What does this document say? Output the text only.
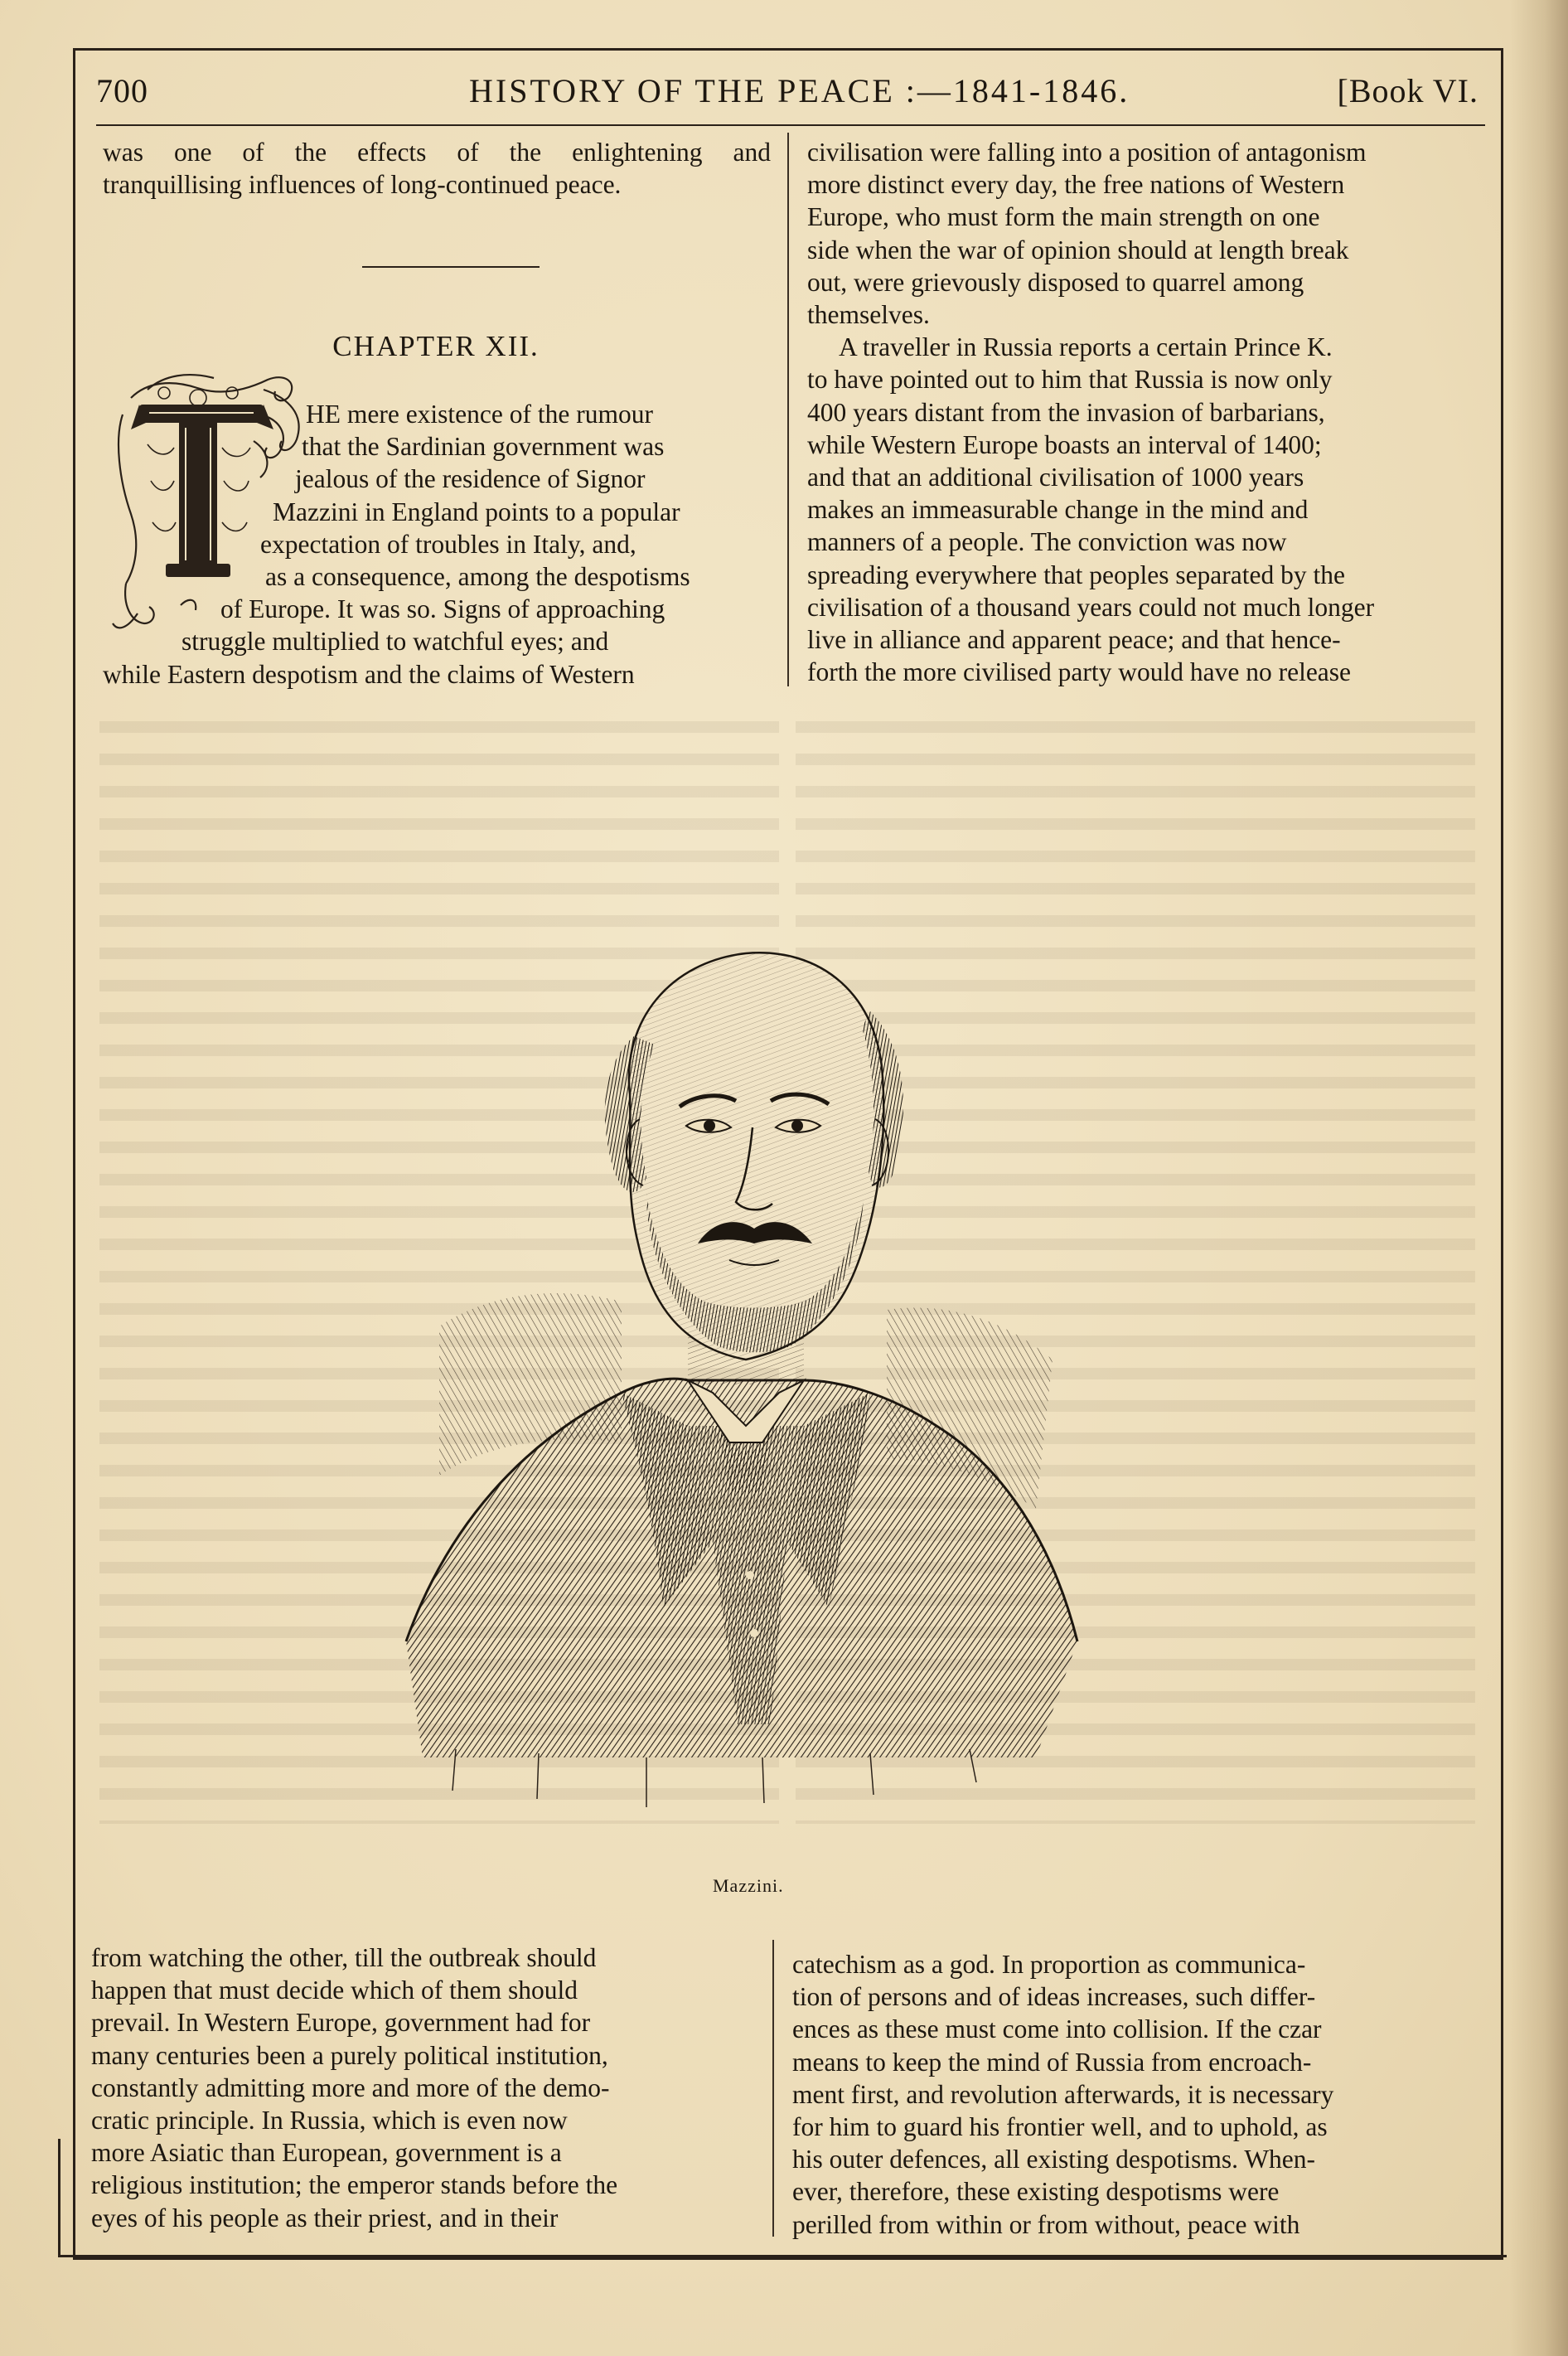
700	HISTORY OF THE PEACE :—1841-1846.	[Book VI.

was one of the effects of the enlightening and

tranquillising influences of long-continued peace.

CHAPTER XII.

HE mere existence of the rumour

that the Sardinian government was

jealous of the residence of Signor

Mazzini in England points to a popular

expectation of troubles in Italy, and,

as a consequence, among the despotisms

of Europe. It was so. Signs of approaching

struggle multiplied to watchful eyes; and

while Eastern despotism and the claims of Western

civilisation were falling into a position of antagonism

more distinct every day, the free nations of Western

Europe, who must form the main strength on one

side when the war of opinion should at length break

out, were grievously disposed to quarrel among

themselves.

A traveller in Russia reports a certain Prince K.

to have pointed out to him that Russia is now only

400 years distant from the invasion of barbarians,

while Western Europe boasts an interval of 1400;

and that an additional civilisation of 1000 years

makes an immeasurable change in the mind and

manners of a people. The conviction was now

spreading everywhere that peoples separated by the

civilisation of a thousand years could not much longer

live in alliance and apparent peace; and that hence-

forth the more civilised party would have no release

Mazzini.

from watching the other, till the outbreak should

happen that must decide which of them should

prevail. In Western Europe, government had for

many centuries been a purely political institution,

constantly admitting more and more of the demo-

cratic principle. In Russia, which is even now

more Asiatic than European, government is a

religious institution; the emperor stands before the

eyes of his people as their priest, and in their

catechism as a god. In proportion as communica-

tion of persons and of ideas increases, such differ-

ences as these must come into collision. If the czar

means to keep the mind of Russia from encroach-

ment first, and revolution afterwards, it is necessary

for him to guard his frontier well, and to uphold, as

his outer defences, all existing despotisms. When-

ever, therefore, these existing despotisms were

perilled from within or from without, peace with
